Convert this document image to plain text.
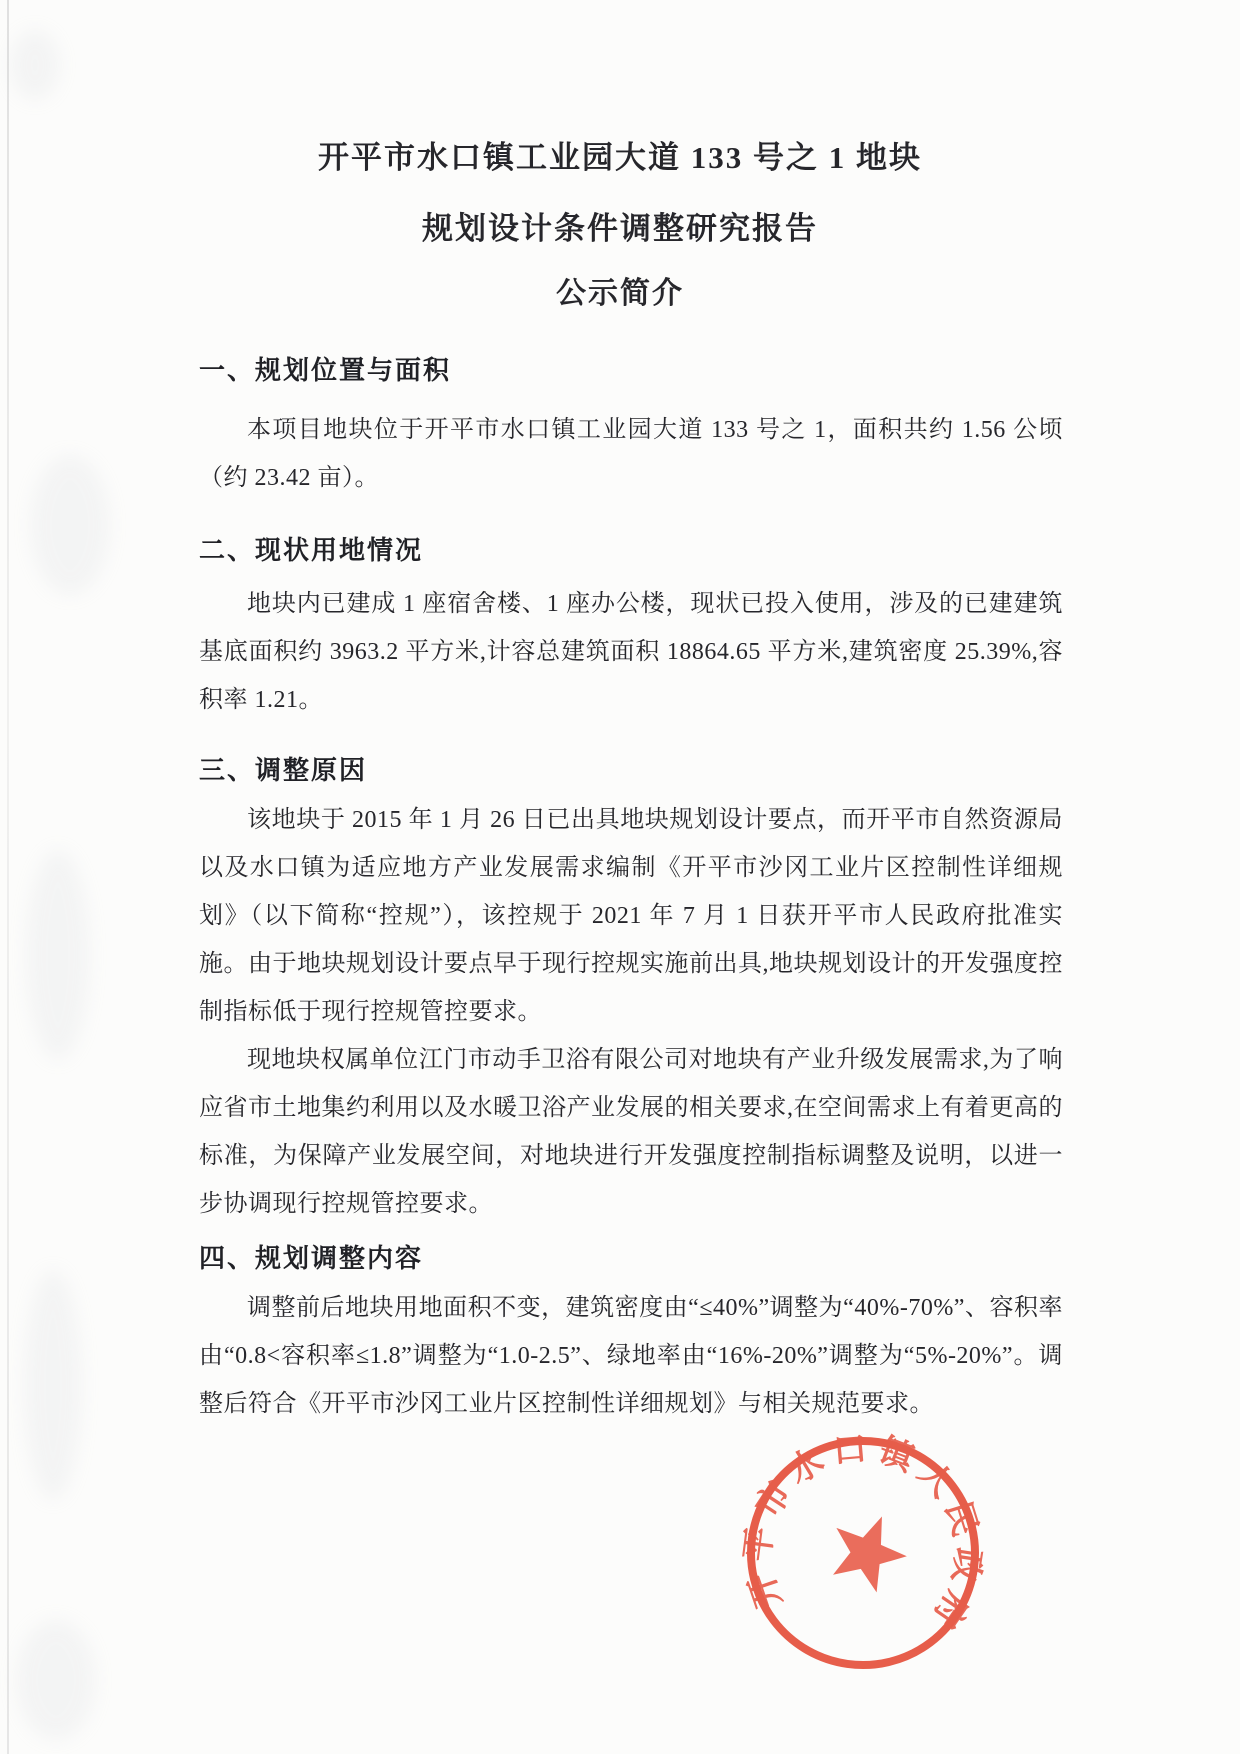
开平市水口镇工业园大道 133 号之 1 地块
规划设计条件调整研究报告
公示简介
一、规划位置与面积

本项目地块位于开平市水口镇工业园大道 133 号之 1，面积共约 1.56 公顷（约 23.42 亩）。

二、现状用地情况

地块内已建成 1 座宿舍楼、1 座办公楼，现状已投入使用，涉及的已建建筑基底面积约 3963.2 平方米,计容总建筑面积 18864.65 平方米,建筑密度 25.39%,容积率 1.21。

三、调整原因

该地块于 2015 年 1 月 26 日已出具地块规划设计要点，而开平市自然资源局以及水口镇为适应地方产业发展需求编制《开平市沙冈工业片区控制性详细规划》（以下简称“控规”），该控规于 2021 年 7 月 1 日获开平市人民政府批准实施。由于地块规划设计要点早于现行控规实施前出具,地块规划设计的开发强度控制指标低于现行控规管控要求。

现地块权属单位江门市动手卫浴有限公司对地块有产业升级发展需求,为了响应省市土地集约利用以及水暖卫浴产业发展的相关要求,在空间需求上有着更高的标准，为保障产业发展空间，对地块进行开发强度控制指标调整及说明，以进一步协调现行控规管控要求。

四、规划调整内容

调整前后地块用地面积不变，建筑密度由“≤40%”调整为“40%-70%”、容积率由“0.8<容积率≤1.8”调整为“1.0-2.5”、绿地率由“16%-20%”调整为“5%-20%”。调整后符合《开平市沙冈工业片区控制性详细规划》与相关规范要求。

开平市水口镇人民政府
